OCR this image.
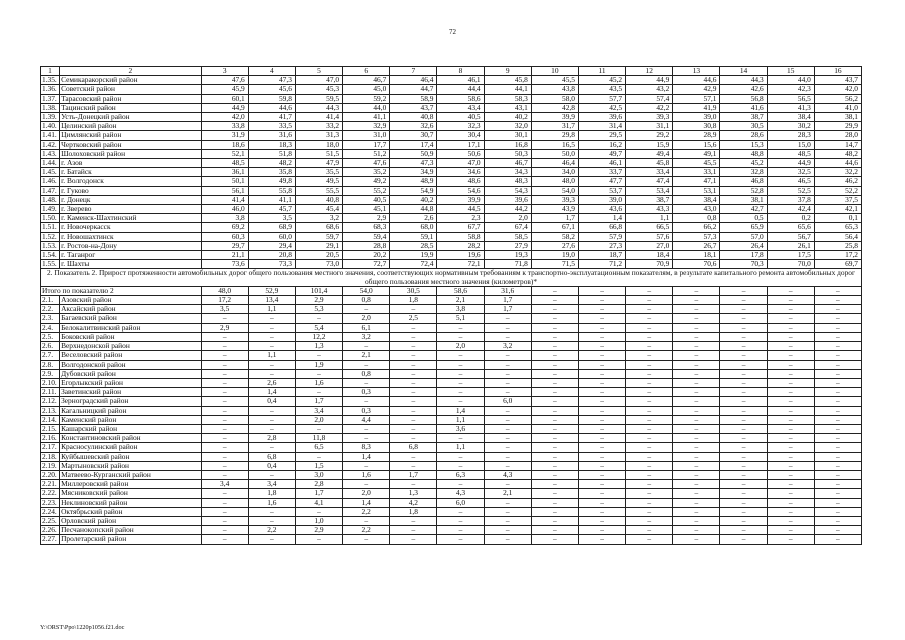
72
1	2	3	4	5	6	7	8	9	10	11	12	13	14	15	16
1.35.	Семикаракорский район	47,6	47,3	47,0	46,7	46,4	46,1	45,8	45,5	45,2	44,9	44,6	44,3	44,0	43,7
1.36.	Советский район	45,9	45,6	45,3	45,0	44,7	44,4	44,1	43,8	43,5	43,2	42,9	42,6	42,3	42,0
1.37.	Тарасовский район	60,1	59,8	59,5	59,2	58,9	58,6	58,3	58,0	57,7	57,4	57,1	56,8	56,5	56,2
1.38.	Тацинский район	44,9	44,6	44,3	44,0	43,7	43,4	43,1	42,8	42,5	42,2	41,9	41,6	41,3	41,0
1.39.	Усть-Донецкий район	42,0	41,7	41,4	41,1	40,8	40,5	40,2	39,9	39,6	39,3	39,0	38,7	38,4	38,1
1.40.	Целинский район	33,8	33,5	33,2	32,9	32,6	32,3	32,0	31,7	31,4	31,1	30,8	30,5	30,2	29,9
1.41.	Цимлянский район	31,9	31,6	31,3	31,0	30,7	30,4	30,1	29,8	29,5	29,2	28,9	28,6	28,3	28,0
1.42.	Чертковский район	18,6	18,3	18,0	17,7	17,4	17,1	16,8	16,5	16,2	15,9	15,6	15,3	15,0	14,7
1.43.	Шолоховский район	52,1	51,8	51,5	51,2	50,9	50,6	50,3	50,0	49,7	49,4	49,1	48,8	48,5	48,2
1.44.	г. Азов	48,5	48,2	47,9	47,6	47,3	47,0	46,7	46,4	46,1	45,8	45,5	45,2	44,9	44,6
1.45.	г. Батайск	36,1	35,8	35,5	35,2	34,9	34,6	34,3	34,0	33,7	33,4	33,1	32,8	32,5	32,2
1.46.	г. Волгодонск	50,1	49,8	49,5	49,2	48,9	48,6	48,3	48,0	47,7	47,4	47,1	46,8	46,5	46,2
1.47.	г. Гуково	56,1	55,8	55,5	55,2	54,9	54,6	54,3	54,0	53,7	53,4	53,1	52,8	52,5	52,2
1.48.	г. Донецк	41,4	41,1	40,8	40,5	40,2	39,9	39,6	39,3	39,0	38,7	38,4	38,1	37,8	37,5
1.49.	г. Зверево	46,0	45,7	45,4	45,1	44,8	44,5	44,2	43,9	43,6	43,3	43,0	42,7	42,4	42,1
1.50.	г. Каменск-Шахтинский	3,8	3,5	3,2	2,9	2,6	2,3	2,0	1,7	1,4	1,1	0,8	0,5	0,2	0,1
1.51.	г. Новочеркасск	69,2	68,9	68,6	68,3	68,0	67,7	67,4	67,1	66,8	66,5	66,2	65,9	65,6	65,3
1.52.	г. Новошахтинск	60,3	60,0	59,7	59,4	59,1	58,8	58,5	58,2	57,9	57,6	57,3	57,0	56,7	56,4
1.53.	г. Ростов-на-Дону	29,7	29,4	29,1	28,8	28,5	28,2	27,9	27,6	27,3	27,0	26,7	26,4	26,1	25,8
1.54.	г. Таганрог	21,1	20,8	20,5	20,2	19,9	19,6	19,3	19,0	18,7	18,4	18,1	17,8	17,5	17,2
1.55.	г. Шахты	73,6	73,3	73,0	72,7	72,4	72,1	71,8	71,5	71,2	70,9	70,6	70,3	70,0	69,7
2. Показатель 2. Прирост протяженности автомобильных дорог общего пользования местного значения, соответствующих нормативным требованиям к транспортно-эксплуатационным показателям, в результате капитального ремонта автомобильных дорог общего пользования местного значения (километров)*															
Итого по показателю 2		48,0	52,9	101,4	54,0	30,5	58,6	31,6	–	–	–	–	–	–	–
2.1.	Азовский район	17,2	13,4	2,9	0,8	1,8	2,1	1,7	–	–	–	–	–	–	–
2.2.	Аксайский район	3,5	1,1	5,3	–	–	3,8	1,7	–	–	–	–	–	–	–
2.3.	Багаевский район	–	–	–	2,0	2,5	5,1	–	–	–	–	–	–	–	–
2.4.	Белокалитвинский район	2,9	–	5,4	6,1	–	–	–	–	–	–	–	–	–	–
2.5.	Боковский район	–	–	12,2	3,2	–	–	–	–	–	–	–	–	–	–
2.6.	Верхнедонской район	–	–	1,3	–	–	2,0	3,2	–	–	–	–	–	–	–
2.7.	Веселовский район	–	1,1	–	2,1	–	–	–	–	–	–	–	–	–	–
2.8.	Волгодонской район	–	–	1,9	–	–	–	–	–	–	–	–	–	–	–
2.9.	Дубовский район	–	–	–	0,8	–	–	–	–	–	–	–	–	–	–
2.10.	Егорлыкский район	–	2,6	1,6	–	–	–	–	–	–	–	–	–	–	–
2.11.	Заветинский район	–	1,4	–	0,3	–	–	–	–	–	–	–	–	–	–
2.12.	Зерноградский район	–	0,4	1,7	–	–	–	6,0	–	–	–	–	–	–	–
2.13.	Кагальницкий район	–	–	3,4	0,3	–	1,4	–	–	–	–	–	–	–	–
2.14.	Каменский район	–	–	2,0	4,4	–	1,1	–	–	–	–	–	–	–	–
2.15.	Кашарский район	–	–	–	–	–	3,6	–	–	–	–	–	–	–	–
2.16.	Константиновский район	–	2,8	11,8	–	–	–	–	–	–	–	–	–	–	–
2.17.	Красносулинский район	–	–	6,5	8,3	6,8	1,1	–	–	–	–	–	–	–	–
2.18.	Куйбышевский район	–	6,8	–	1,4	–	–	–	–	–	–	–	–	–	–
2.19.	Мартыновский район	–	0,4	1,5	–	–	–	–	–	–	–	–	–	–	–
2.20.	Матвеево-Курганский район	–	–	3,0	1,6	1,7	6,3	4,3	–	–	–	–	–	–	–
2.21.	Миллеровский район	3,4	3,4	2,8	–	–	–	–	–	–	–	–	–	–	–
2.22.	Мясниковский район	–	1,8	1,7	2,0	1,3	4,3	2,1	–	–	–	–	–	–	–
2.23.	Неклиновский район	–	1,6	4,1	1,4	4,2	6,0	–	–	–	–	–	–	–	–
2.24.	Октябрьский район	–	–	–	2,2	1,8	–	–	–	–	–	–	–	–	–
2.25.	Орловский район	–	–	1,0	–	–	–	–	–	–	–	–	–	–	–
2.26.	Песчанокопский район	–	2,2	2,9	2,2	–	–	–	–	–	–	–	–	–	–
2.27.	Пролетарский район	–	–	–	–	–	–	–	–	–	–	–	–	–	–
Y:\ORST\Ppo\1220p1056.f21.doc
